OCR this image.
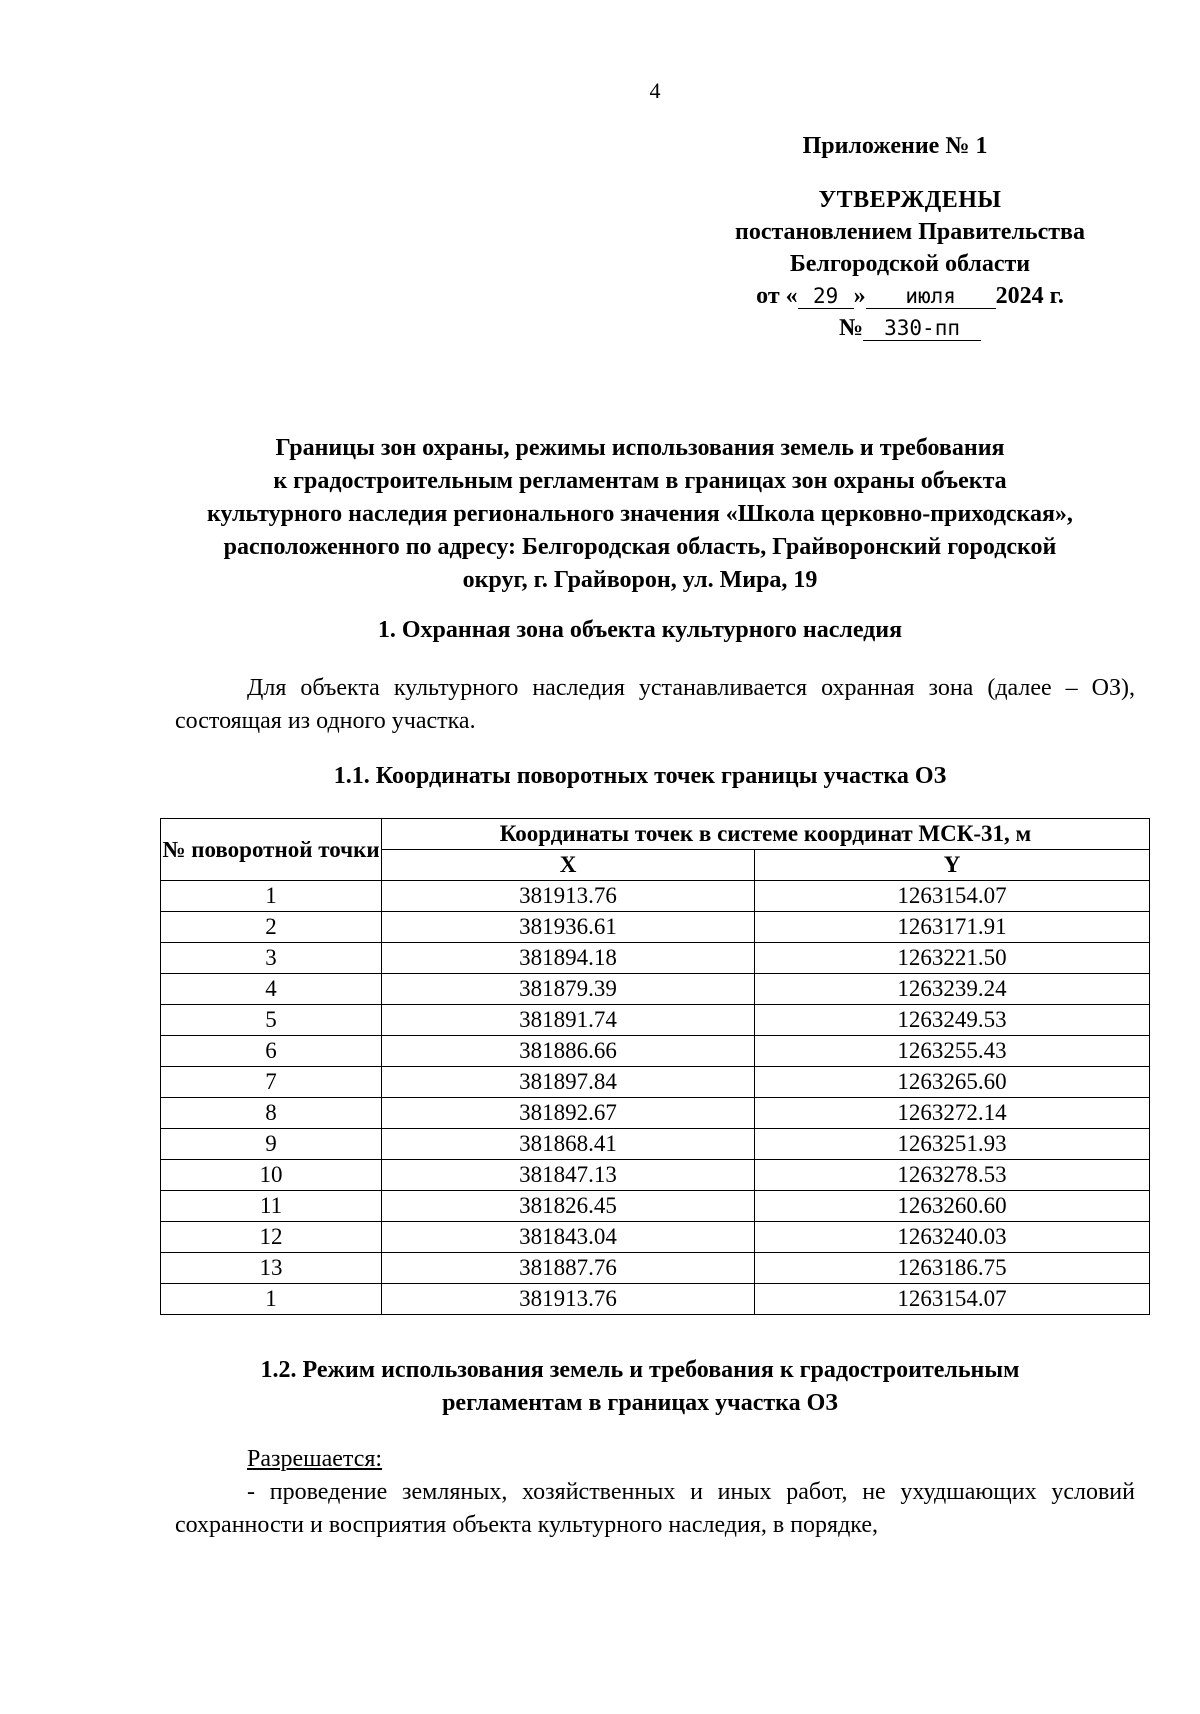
4
Приложение № 1
УТВЕРЖДЕНЫ
постановлением Правительства
Белгородской области
от « 29 » июля 2024 г.
№ 330-пп
Границы зон охраны, режимы использования земель и требования
к градостроительным регламентам в границах зон охраны объекта
культурного наследия регионального значения «Школа церковно-приходская»,
расположенного по адресу: Белгородская область, Грайворонский городской
округ, г. Грайворон, ул. Мира, 19
1. Охранная зона объекта культурного наследия
Для объекта культурного наследия устанавливается охранная зона (далее – ОЗ), состоящая из одного участка.
1.1. Координаты поворотных точек границы участка ОЗ
№ поворотной точки	Координаты точек в системе координат МСК-31, м	
	X	Y
1	381913.76	1263154.07
2	381936.61	1263171.91
3	381894.18	1263221.50
4	381879.39	1263239.24
5	381891.74	1263249.53
6	381886.66	1263255.43
7	381897.84	1263265.60
8	381892.67	1263272.14
9	381868.41	1263251.93
10	381847.13	1263278.53
11	381826.45	1263260.60
12	381843.04	1263240.03
13	381887.76	1263186.75
1	381913.76	1263154.07
1.2. Режим использования земель и требования к градостроительным
регламентам в границах участка ОЗ
Разрешается:
- проведение земляных, хозяйственных и иных работ, не ухудшающих условий сохранности и восприятия объекта культурного наследия, в порядке,
